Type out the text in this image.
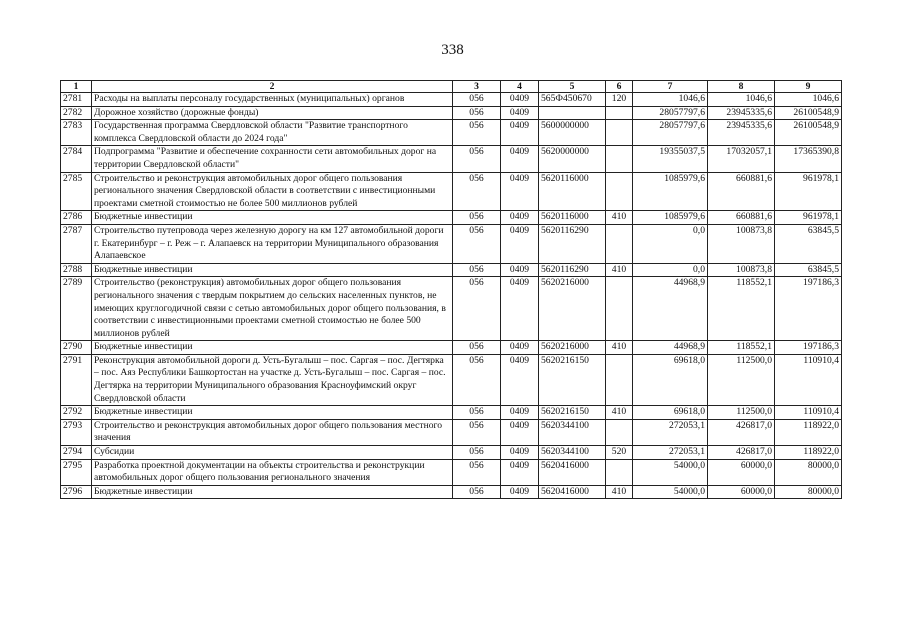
338
1	2	3	4	5	6	7	8	9
2781	Расходы на выплаты персоналу государственных (муниципальных) органов	056	0409	565Ф450670	120	1046,6	1046,6	1046,6
2782	Дорожное хозяйство (дорожные фонды)	056	0409			28057797,6	23945335,6	26100548,9
2783	Государственная программа Свердловской области "Развитие транспортного комплекса Свердловской области до 2024 года"	056	0409	5600000000		28057797,6	23945335,6	26100548,9
2784	Подпрограмма "Развитие и обеспечение сохранности сети автомобильных дорог на территории Свердловской области"	056	0409	5620000000		19355037,5	17032057,1	17365390,8
2785	Строительство и реконструкция автомобильных дорог общего пользования регионального значения Свердловской области в соответствии с инвестиционными проектами сметной стоимостью не более 500 миллионов рублей	056	0409	5620116000		1085979,6	660881,6	961978,1
2786	Бюджетные инвестиции	056	0409	5620116000	410	1085979,6	660881,6	961978,1
2787	Строительство путепровода через железную дорогу на км 127 автомобильной дороги г. Екатеринбург – г. Реж – г. Алапаевск на территории Муниципального образования Алапаевское	056	0409	5620116290		0,0	100873,8	63845,5
2788	Бюджетные инвестиции	056	0409	5620116290	410	0,0	100873,8	63845,5
2789	Строительство (реконструкция) автомобильных дорог общего пользования регионального значения с твердым покрытием до сельских населенных пунктов, не имеющих круглогодичной связи с сетью автомобильных дорог общего пользования, в соответствии с инвестиционными проектами сметной стоимостью не более 500 миллионов рублей	056	0409	5620216000		44968,9	118552,1	197186,3
2790	Бюджетные инвестиции	056	0409	5620216000	410	44968,9	118552,1	197186,3
2791	Реконструкция автомобильной дороги д. Усть-Бугалыш – пос. Саргая – пос. Дегтярка – пос. Аяз Республики Башкортостан на участке д. Усть-Бугалыш – пос. Саргая – пос. Дегтярка на территории Муниципального образования Красноуфимский округ Свердловской области	056	0409	5620216150		69618,0	112500,0	110910,4
2792	Бюджетные инвестиции	056	0409	5620216150	410	69618,0	112500,0	110910,4
2793	Строительство и реконструкция автомобильных дорог общего пользования местного значения	056	0409	5620344100		272053,1	426817,0	118922,0
2794	Субсидии	056	0409	5620344100	520	272053,1	426817,0	118922,0
2795	Разработка проектной документации на объекты строительства и реконструкции автомобильных дорог общего пользования регионального значения	056	0409	5620416000		54000,0	60000,0	80000,0
2796	Бюджетные инвестиции	056	0409	5620416000	410	54000,0	60000,0	80000,0
